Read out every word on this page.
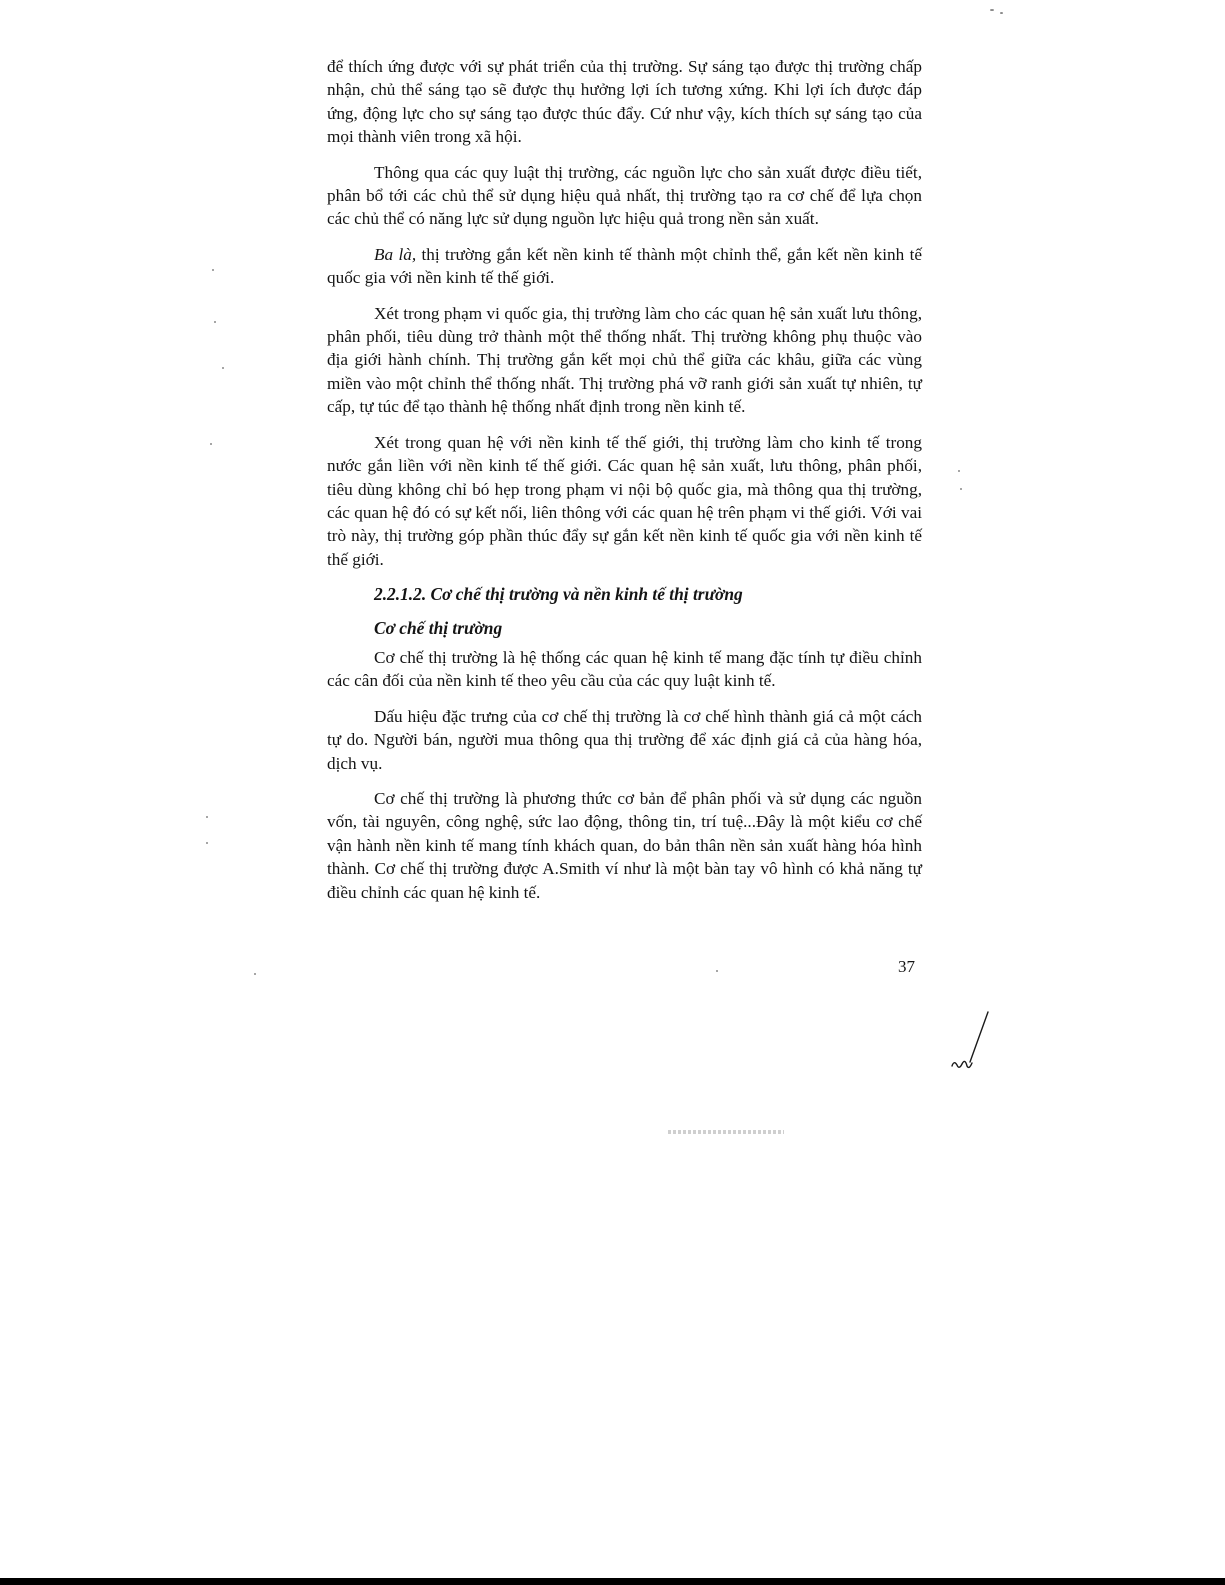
để thích ứng được với sự phát triển của thị trường. Sự sáng tạo được thị trường chấp nhận, chủ thể sáng tạo sẽ được thụ hưởng lợi ích tương xứng. Khi lợi ích được đáp ứng, động lực cho sự sáng tạo được thúc đẩy. Cứ như vậy, kích thích sự sáng tạo của mọi thành viên trong xã hội.

Thông qua các quy luật thị trường, các nguồn lực cho sản xuất được điều tiết, phân bổ tới các chủ thể sử dụng hiệu quả nhất, thị trường tạo ra cơ chế để lựa chọn các chủ thể có năng lực sử dụng nguồn lực hiệu quả trong nền sản xuất.

Ba là, thị trường gắn kết nền kinh tế thành một chỉnh thể, gắn kết nền kinh tế quốc gia với nền kinh tế thế giới.

Xét trong phạm vi quốc gia, thị trường làm cho các quan hệ sản xuất lưu thông, phân phối, tiêu dùng trở thành một thể thống nhất. Thị trường không phụ thuộc vào địa giới hành chính. Thị trường gắn kết mọi chủ thể giữa các khâu, giữa các vùng miền vào một chỉnh thể thống nhất. Thị trường phá vỡ ranh giới sản xuất tự nhiên, tự cấp, tự túc để tạo thành hệ thống nhất định trong nền kinh tế.

Xét trong quan hệ với nền kinh tế thế giới, thị trường làm cho kinh tế trong nước gắn liền với nền kinh tế thế giới. Các quan hệ sản xuất, lưu thông, phân phối, tiêu dùng không chỉ bó hẹp trong phạm vi nội bộ quốc gia, mà thông qua thị trường, các quan hệ đó có sự kết nối, liên thông với các quan hệ trên phạm vi thế giới. Với vai trò này, thị trường góp phần thúc đẩy sự gắn kết nền kinh tế quốc gia với nền kinh tế thế giới.

2.2.1.2. Cơ chế thị trường và nền kinh tế thị trường

Cơ chế thị trường

Cơ chế thị trường là hệ thống các quan hệ kinh tế mang đặc tính tự điều chỉnh các cân đối của nền kinh tế theo yêu cầu của các quy luật kinh tế.

Dấu hiệu đặc trưng của cơ chế thị trường là cơ chế hình thành giá cả một cách tự do. Người bán, người mua thông qua thị trường để xác định giá cả của hàng hóa, dịch vụ.

Cơ chế thị trường là phương thức cơ bản để phân phối và sử dụng các nguồn vốn, tài nguyên, công nghệ, sức lao động, thông tin, trí tuệ...Đây là một kiểu cơ chế vận hành nền kinh tế mang tính khách quan, do bản thân nền sản xuất hàng hóa hình thành. Cơ chế thị trường được A.Smith ví như là một bàn tay vô hình có khả năng tự điều chỉnh các quan hệ kinh tế.

37
